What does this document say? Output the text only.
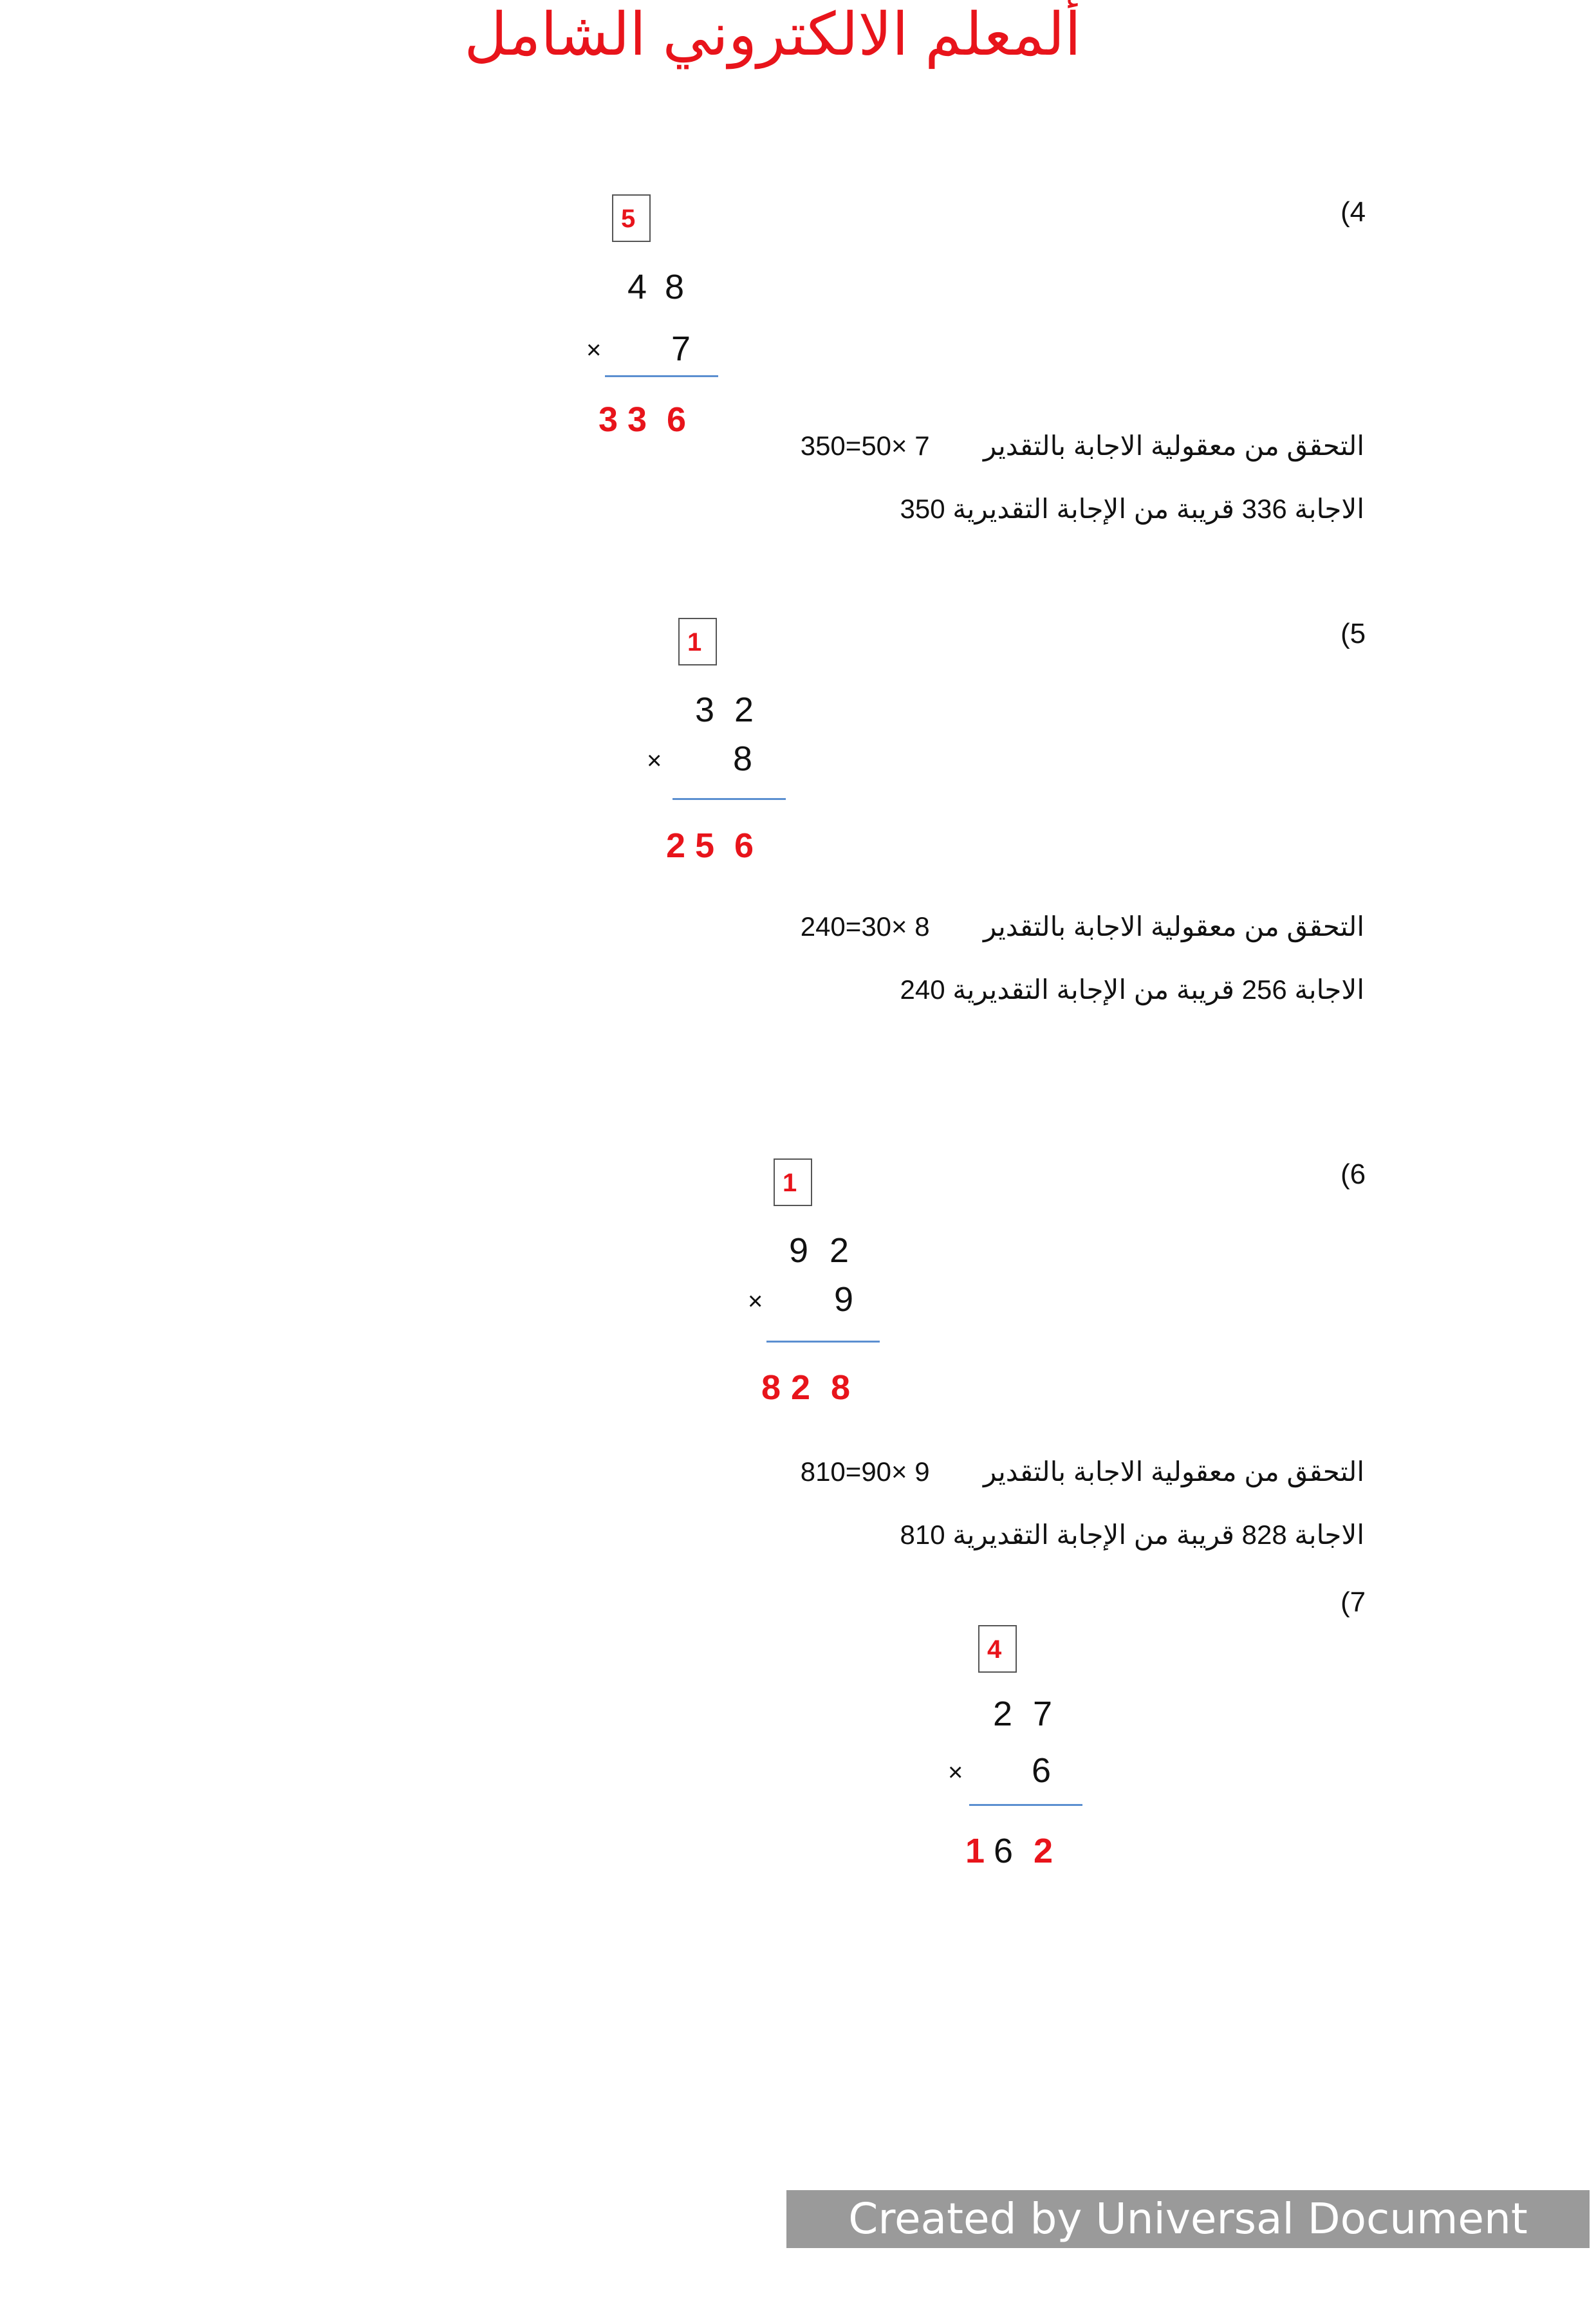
ألمعلم الالكتروني الشامل
(4
5
4 8
× 7
3 3 6
التحقق من معقولية الاجابة بالتقدير  350=50× 7
الاجابة 336 قريبة من الإجابة التقديرية 350
(5
1
3 2
× 8
2 5 6
التحقق من معقولية الاجابة بالتقدير  240=30× 8
الاجابة 256 قريبة من الإجابة التقديرية 240
(6
1
9 2
× 9
8 2 8
التحقق من معقولية الاجابة بالتقدير  810=90× 9
الاجابة 828 قريبة من الإجابة التقديرية 810
(7
4
2 7
× 6
1 6 2
Created by Universal Document Converter
